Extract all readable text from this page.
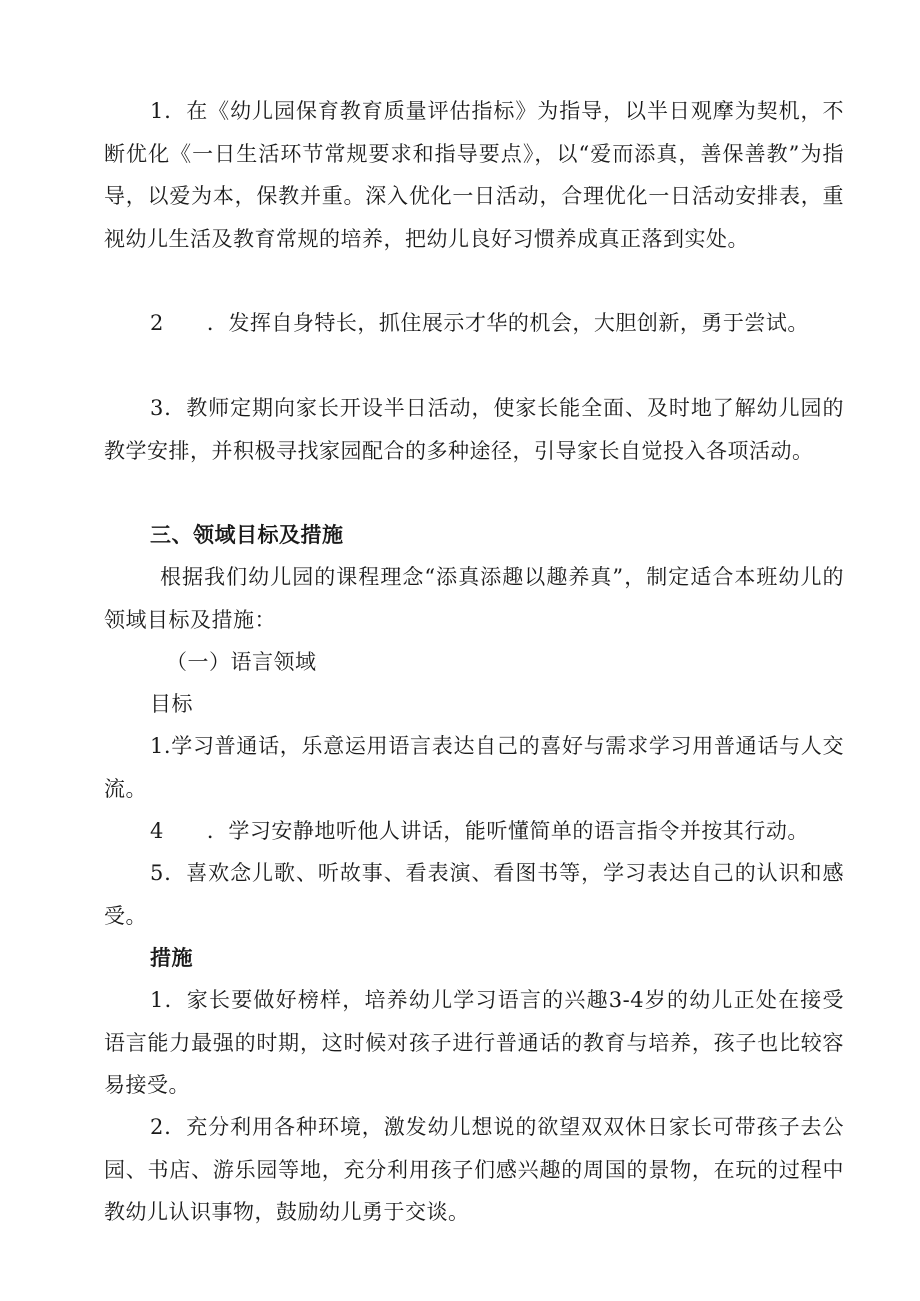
1．在《幼儿园保育教育质量评估指标》为指导，以半日观摩为契机，不断优化《一日生活环节常规要求和指导要点》，以“爱而添真，善保善教”为指导，以爱为本，保教并重。深入优化一日活动，合理优化一日活动安排表，重视幼儿生活及教育常规的培养，把幼儿良好习惯养成真正落到实处。

2　　．发挥自身特长，抓住展示才华的机会，大胆创新，勇于尝试。

3．教师定期向家长开设半日活动，使家长能全面、及时地了解幼儿园的教学安排，并积极寻找家园配合的多种途径，引导家长自觉投入各项活动。

三、领域目标及措施

根据我们幼儿园的课程理念“添真添趣以趣养真”，制定适合本班幼儿的领域目标及措施：

（一）语言领域

目标

1.学习普通话，乐意运用语言表达自己的喜好与需求学习用普通话与人交流。

4　　．学习安静地听他人讲话，能听懂简单的语言指令并按其行动。

5．喜欢念儿歌、听故事、看表演、看图书等，学习表达自己的认识和感受。

措施

1．家长要做好榜样，培养幼儿学习语言的兴趣3-4岁的幼儿正处在接受语言能力最强的时期，这时候对孩子进行普通话的教育与培养，孩子也比较容易接受。

2．充分利用各种环境，激发幼儿想说的欲望双双休日家长可带孩子去公园、书店、游乐园等地，充分利用孩子们感兴趣的周国的景物，在玩的过程中教幼儿认识事物，鼓励幼儿勇于交谈。
